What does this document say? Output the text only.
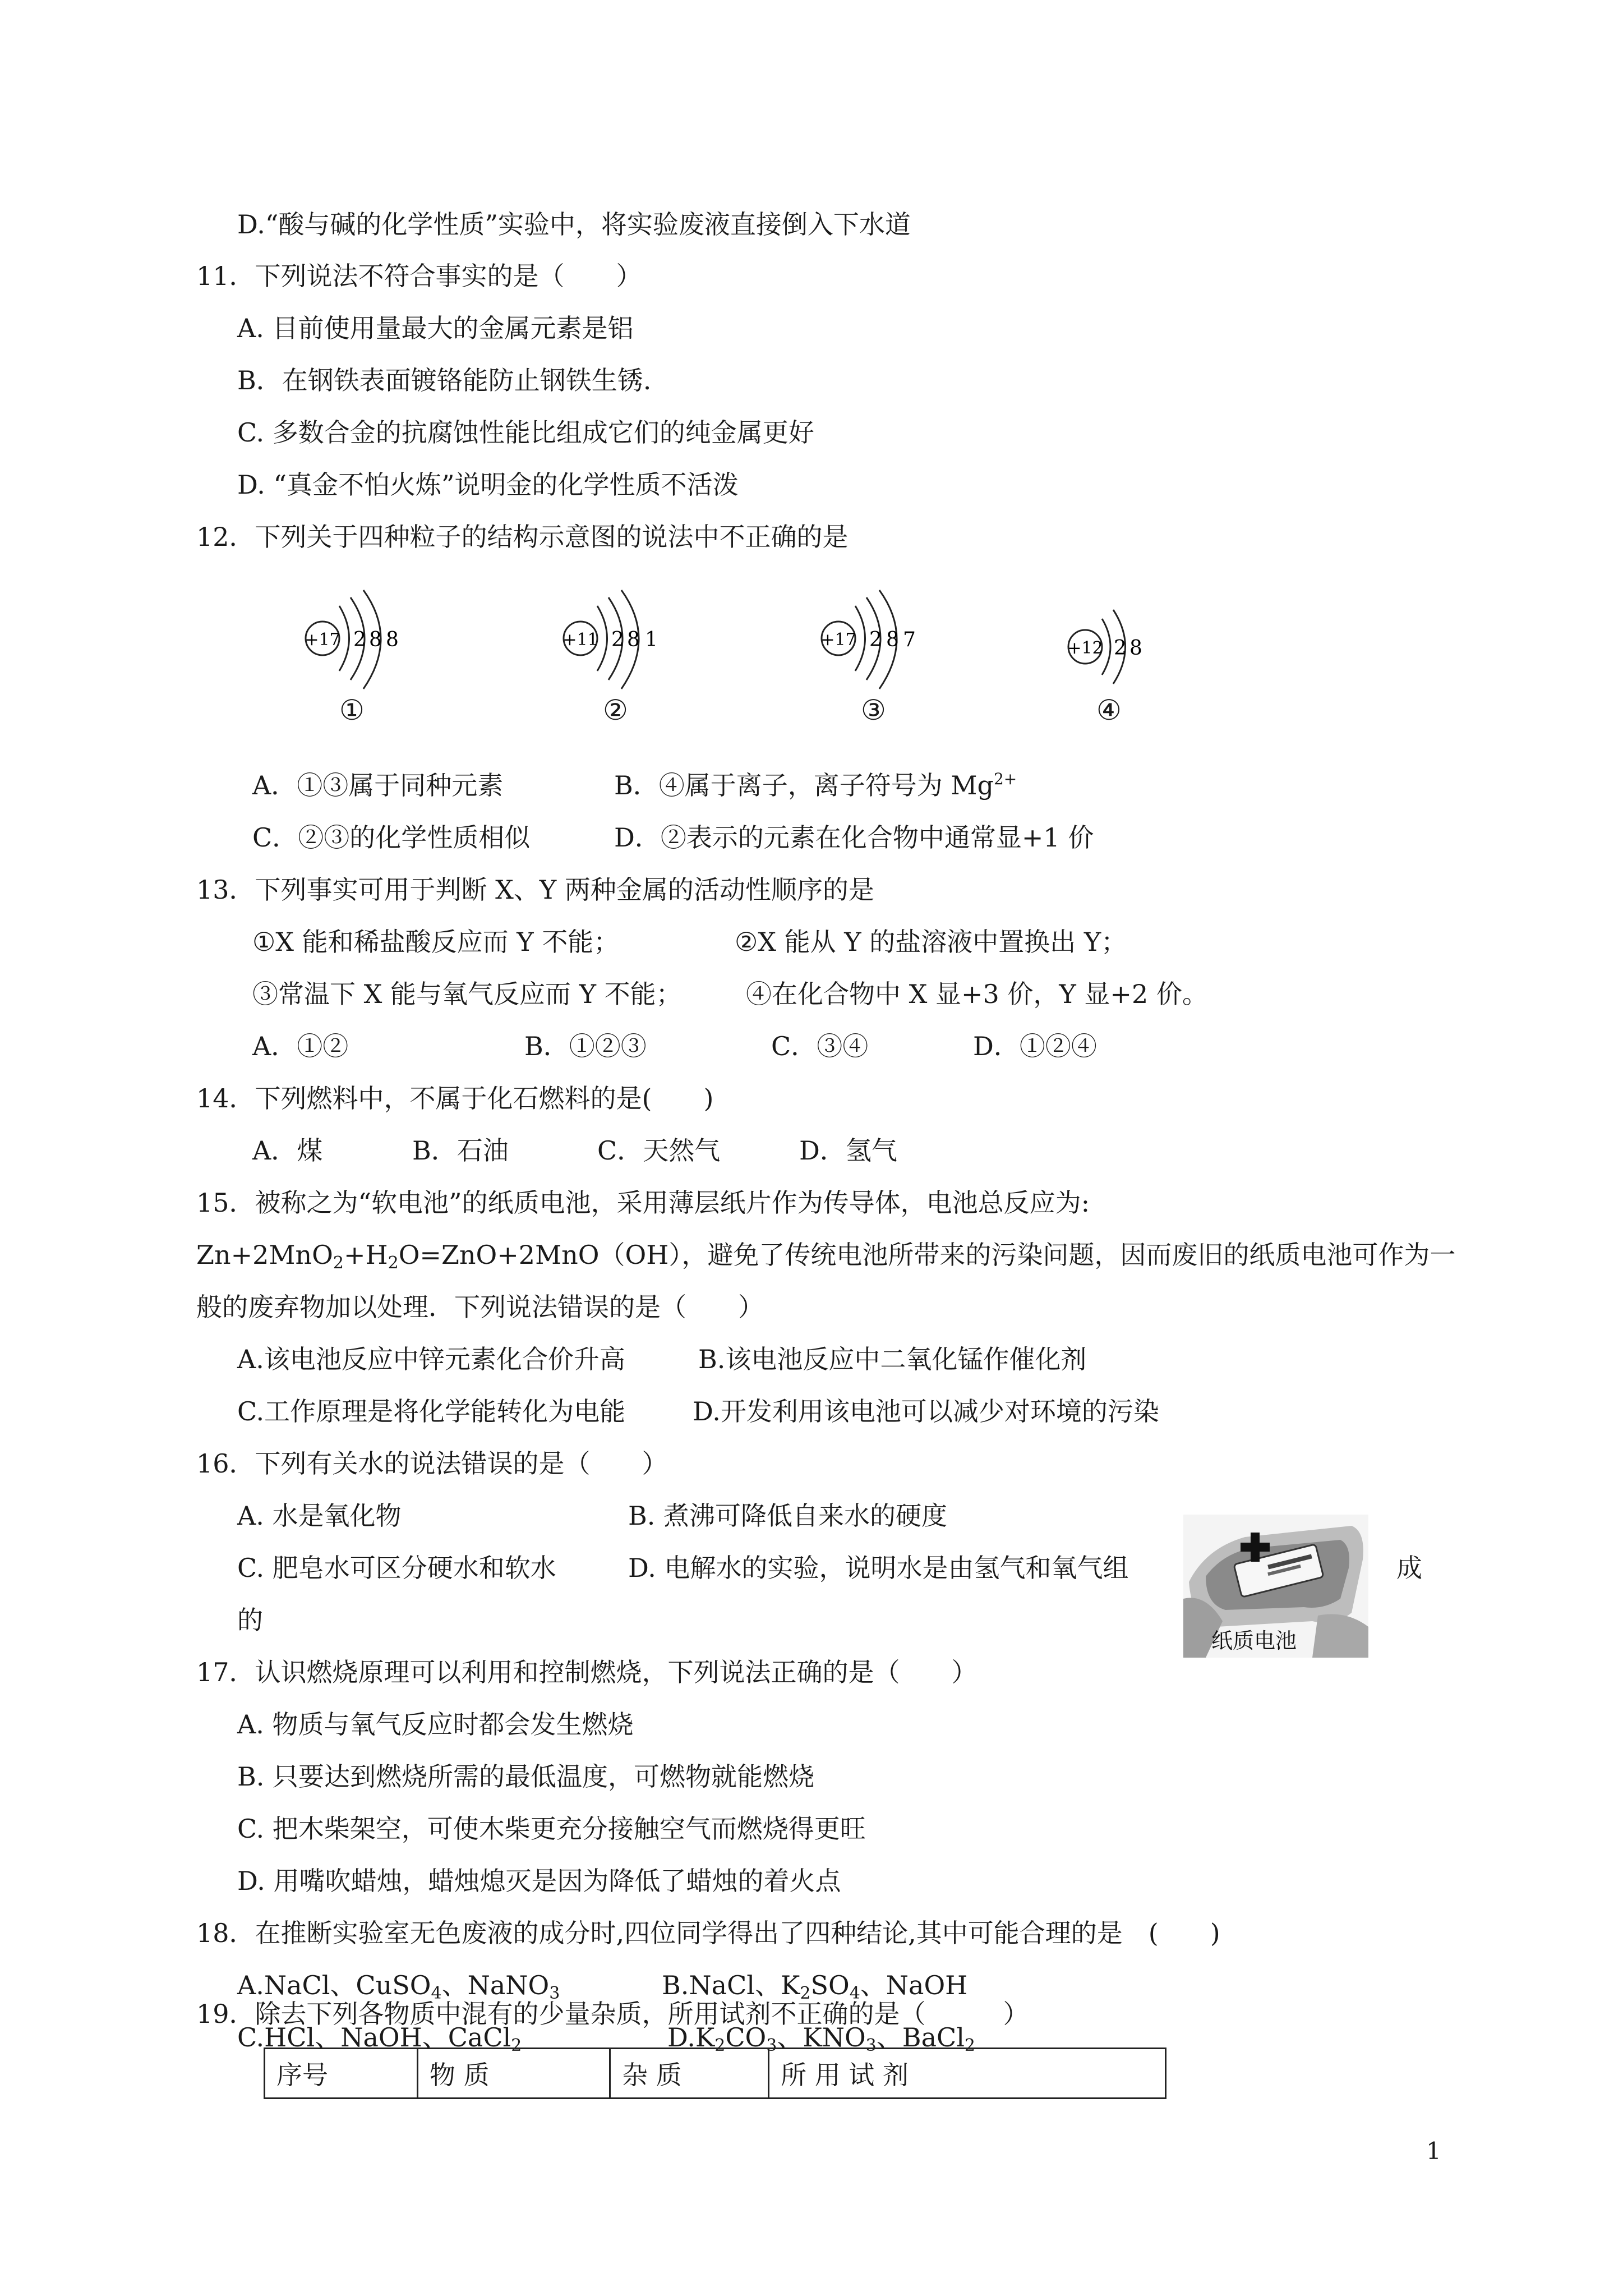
D.“酸与碱的化学性质”实验中，将实验废液直接倒入下水道
11．下列说法不符合事实的是（　　）
A. 目前使用量最大的金属元素是铝
B．在钢铁表面镀铬能防止钢铁生锈.
C. 多数合金的抗腐蚀性能比组成它们的纯金属更好
D. “真金不怕火炼”说明金的化学性质不活泼
12．下列关于四种粒子的结构示意图的说法中不正确的是
+17 2 8 8	+11 2 8 1	+17 2 8 7	+12 2 8
①	②	③	④
A．①③属于同种元素	B．④属于离子，离子符号为 $Mg^{2+}$
C．②③的化学性质相似	D．②表示的元素在化合物中通常显+1 价
13．下列事实可用于判断 X、Y 两种金属的活动性顺序的是
①X 能和稀盐酸反应而 Y 不能；	②X 能从 Y 的盐溶液中置换出 Y；
③常温下 X 能与氧气反应而 Y 不能； ④在化合物中 X 显+3 价，Y 显+2 价。
A．①②	B．①②③	C．③④	D．①②④
14．下列燃料中，不属于化石燃料的是(　　)
A．煤	B．石油	C．天然气	D．氢气
15．被称之为“软电池”的纸质电池，采用薄层纸片作为传导体，电池总反应为:
$Zn+2MnO_2+H_2O=ZnO+2MnO(OH)$，避免了传统电池所带来的污染问题，因而废旧的纸质电池可作为一
般的废弃物加以处理．下列说法错误的是（　　）
A.该电池反应中锌元素化合价升高	B.该电池反应中二氧化锰作催化剂
C.工作原理是将化学能转化为电能	D.开发利用该电池可以减少对环境的污染
16．下列有关水的说法错误的是（　　）
A. 水是氧化物	B. 煮沸可降低自来水的硬度
C. 肥皂水可区分硬水和软水	D. 电解水的实验，说明水是由氢气和氧气组	成
的
纸质电池
17．认识燃烧原理可以利用和控制燃烧，下列说法正确的是（　　）
A. 物质与氧气反应时都会发生燃烧
B. 只要达到燃烧所需的最低温度，可燃物就能燃烧
C. 把木柴架空，可使木柴更充分接触空气而燃烧得更旺
D. 用嘴吹蜡烛，蜡烛熄灭是因为降低了蜡烛的着火点
18．在推断实验室无色废液的成分时,四位同学得出了四种结论,其中可能合理的是　(　　)
A.NaCl、CuSO$_4$、NaNO$_3$	B.NaCl、$K_2SO_4$、NaOH
C.HCl、NaOH、CaCl$_2$	$D.K_2CO_3$、$KNO_3$、BaCl$_2$
19．除去下列各物质中混有的少量杂质，所用试剂不正确的是（　　　）
序号	物 质	杂 质	所 用 试 剂
1
